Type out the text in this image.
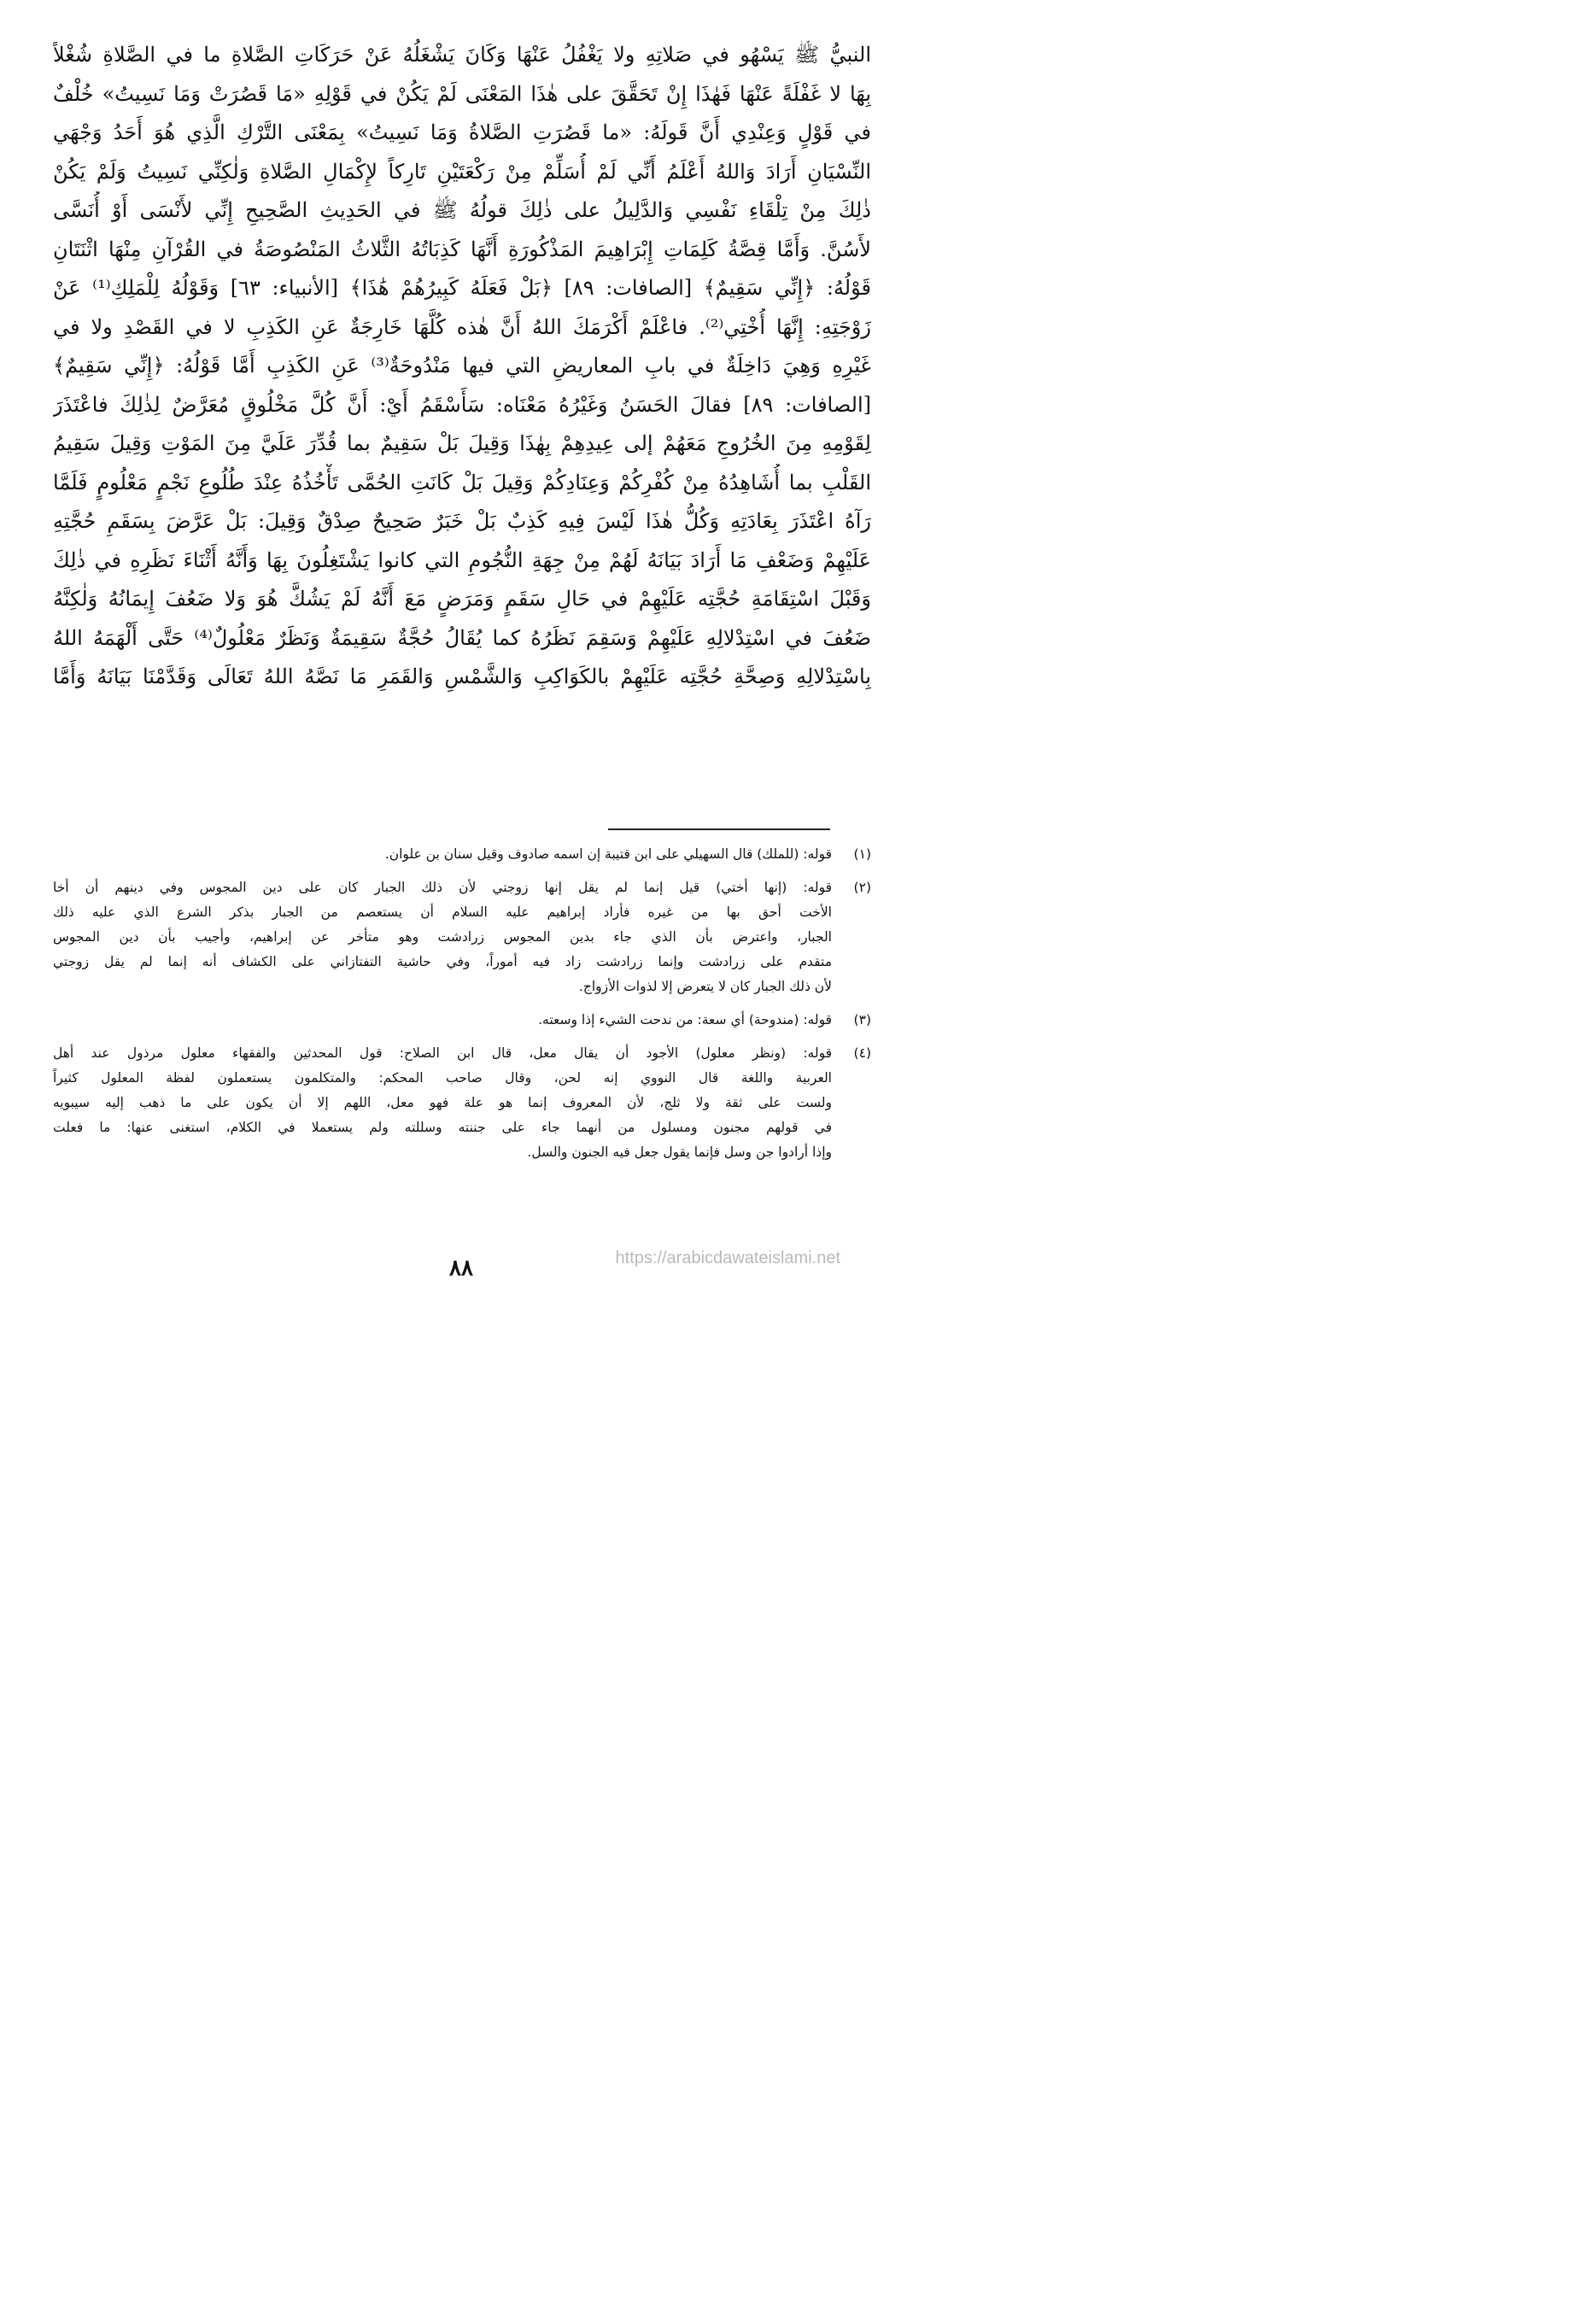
النبيُّ ﷺ يَسْهُو في صَلاتِهِ ولا يَغْفُلُ عَنْهَا وَكَانَ يَشْغَلُهُ عَنْ حَرَكَاتِ الصَّلاةِ ما في الصَّلاةِ شُغْلاً
بِهَا لا غَفْلَةً عَنْهَا فَهٰذَا إِنْ تَحَقَّقَ على هٰذَا المَعْنَى لَمْ يَكُنْ في قَوْلِهِ «مَا قَصُرَتْ وَمَا نَسِيتُ» خُلْفٌ
في قَوْلٍ وَعِنْدِي أَنَّ قَولَهُ: «ما قَصُرَتِ الصَّلاةُ وَمَا نَسِيتُ» بِمَعْنَى التَّرْكِ الَّذِي هُوَ أَحَدُ وَجْهَي
النِّسْيَانِ أَرَادَ وَاللهُ أَعْلَمُ أَنِّي لَمْ أُسَلِّمْ مِنْ رَكْعَتَيْنِ تَارِكاً لإِكْمَالِ الصَّلاةِ وَلٰكِنِّي نَسِيتُ وَلَمْ يَكُنْ
ذٰلِكَ مِنْ تِلْقَاءِ نَفْسِي وَالدَّلِيلُ على ذٰلِكَ قولُهُ ﷺ في الحَدِيثِ الصَّحِيحِ إِنِّي لأَنْسَى أَوْ أُنَسَّى
لأَسُنَّ. وَأَمَّا قِصَّةُ كَلِمَاتِ إِبْرَاهِيمَ المَذْكُورَةِ أَنَّهَا كَذِبَاتُهُ الثَّلاثُ المَنْصُوصَةُ في القُرْآنِ مِنْهَا اثْنَتَانِ
قَوْلُهُ: ﴿إِنِّي سَقِيمٌ﴾ [الصافات: ٨٩] ﴿بَلْ فَعَلَهُ كَبِيرُهُمْ هَٰذَا﴾ [الأنبياء: ٦٣] وَقَوْلُهُ لِلْمَلِكِ⁽¹⁾ عَنْ
زَوْجَتِهِ: إِنَّهَا أُخْتِي⁽²⁾. فاعْلَمْ أَكْرَمَكَ اللهُ أَنَّ هٰذه كُلَّهَا خَارِجَةٌ عَنِ الكَذِبِ لا في القَصْدِ ولا في
غَيْرِهِ وَهِيَ دَاخِلَةٌ في بابِ المعاريضِ التي فيها مَنْدُوحَةٌ⁽³⁾ عَنِ الكَذِبِ أَمَّا قَوْلُهُ: ﴿إِنِّي سَقِيمٌ﴾
[الصافات: ٨٩] فقالَ الحَسَنُ وَغَيْرُهُ مَعْنَاه: سَأَسْقَمُ أَيْ: أَنَّ كُلَّ مَخْلُوقٍ مُعَرَّضٌ لِذٰلِكَ فاعْتَذَرَ
لِقَوْمِهِ مِنَ الخُرُوجِ مَعَهُمْ إلى عِيدِهِمْ بِهٰذَا وَقِيلَ بَلْ سَقِيمٌ بما قُدِّرَ عَلَيَّ مِنَ المَوْتِ وَقِيلَ سَقِيمُ
القَلْبِ بما أُشَاهِدُهُ مِنْ كُفْرِكُمْ وَعِنَادِكُمْ وَقِيلَ بَلْ كَانَتِ الحُمَّى تَأْخُذُهُ عِنْدَ طُلُوعِ نَجْمٍ مَعْلُومٍ فَلَمَّا
رَآهُ اعْتَذَرَ بِعَادَتِهِ وَكُلُّ هٰذَا لَيْسَ فِيهِ كَذِبٌ بَلْ خَبَرٌ صَحِيحٌ صِدْقٌ وَقِيلَ: بَلْ عَرَّضَ بِسَقَمِ حُجَّتِهِ
عَلَيْهِمْ وَضَعْفِ مَا أَرَادَ بَيَانَهُ لَهُمْ مِنْ جِهَةِ النُّجُومِ التي كانوا يَشْتَغِلُونَ بِهَا وَأَنَّهُ أَثْنَاءَ نَظَرِهِ في ذٰلِكَ
وَقَبْلَ اسْتِقَامَةِ حُجَّتِه عَلَيْهِمْ في حَالِ سَقَمٍ وَمَرَضٍ مَعَ أَنَّهُ لَمْ يَشُكَّ هُوَ وَلا ضَعُفَ إِيمَانُهُ وَلٰكِنَّهُ
ضَعُفَ في اسْتِدْلالِهِ عَلَيْهِمْ وَسَقِمَ نَظَرُهُ كما يُقَالُ حُجَّةٌ سَقِيمَةٌ وَنَظَرٌ مَعْلُولٌ⁽⁴⁾ حَتَّى أَلْهَمَهُ اللهُ
بِاسْتِدْلالِهِ وَصِحَّةِ حُجَّتِه عَلَيْهِمْ بالكَوَاكِبِ وَالشَّمْسِ وَالقَمَرِ مَا نَصَّهُ اللهُ تَعَالَى وَقَدَّمْنَا بَيَانَهُ وَأَمَّا
(١)
قوله: (للملك) قال السهيلي على ابن قتيبة إن اسمه صادوف وقيل سنان بن علوان.
(٢)
قوله: (إنها أختي) قيل إنما لم يقل إنها زوجتي لأن ذلك الجبار كان على دين المجوس وفي دينهم أن أخا
الأخت أحق بها من غيره فأراد إبراهيم عليه السلام أن يستعصم من الجبار بذكر الشرع الذي عليه ذلك
الجبار، واعترض بأن الذي جاء بدين المجوس زرادشت وهو متأخر عن إبراهيم، وأجيب بأن دين المجوس
متقدم على زرادشت وإنما زرادشت زاد فيه أموراً، وفي حاشية التفتازاني على الكشاف أنه إنما لم يقل زوجتي
لأن ذلك الجبار كان لا يتعرض إلا لذوات الأزواج.
(٣)
قوله: (مندوحة) أي سعة: من ندحت الشيء إذا وسعته.
(٤)
قوله: (ونظر معلول) الأجود أن يقال معل، قال ابن الصلاح: قول المحدثين والفقهاء معلول مرذول عند أهل
العربية واللغة قال النووي إنه لحن، وقال صاحب المحكم: والمتكلمون يستعملون لفظة المعلول كثيراً
ولست على ثقة ولا ثلج، لأن المعروف إنما هو علة فهو معل، اللهم إلا أن يكون على ما ذهب إليه سيبويه
في قولهم مجنون ومسلول من أنهما جاء على جننته وسللته ولم يستعملا في الكلام، استغنى عنها: ما فعلت
وإذا أرادوا جن وسل فإنما يقول جعل فيه الجنون والسل.
٨٨	https://arabicdawateislami.net
